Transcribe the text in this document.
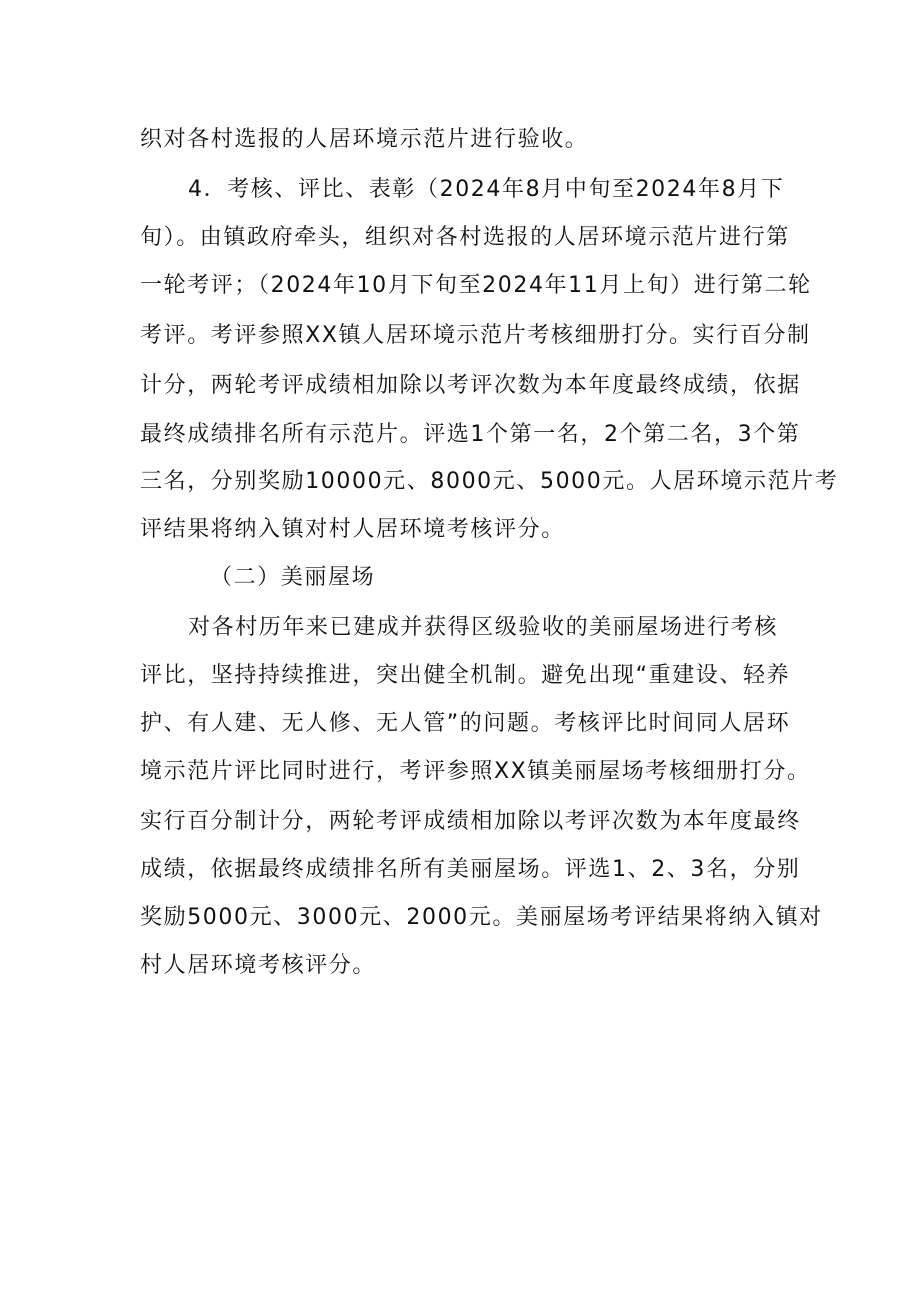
织对各村选报的人居环境示范片进行验收。
4．考核、评比、表彰（2024年8月中旬至2024年8月下
旬）。由镇政府牵头，组织对各村选报的人居环境示范片进行第
一轮考评；（2024年10月下旬至2024年11月上旬）进行第二轮
考评。考评参照XX镇人居环境示范片考核细册打分。实行百分制
计分，两轮考评成绩相加除以考评次数为本年度最终成绩，依据
最终成绩排名所有示范片。评选1个第一名，2个第二名，3个第
三名，分别奖励10000元、8000元、5000元。人居环境示范片考
评结果将纳入镇对村人居环境考核评分。
（二）美丽屋场
对各村历年来已建成并获得区级验收的美丽屋场进行考核
评比，坚持持续推进，突出健全机制。避免出现“重建设、轻养
护、有人建、无人修、无人管”的问题。考核评比时间同人居环
境示范片评比同时进行，考评参照XX镇美丽屋场考核细册打分。
实行百分制计分，两轮考评成绩相加除以考评次数为本年度最终
成绩，依据最终成绩排名所有美丽屋场。评选1、2、3名，分别
奖励5000元、3000元、2000元。美丽屋场考评结果将纳入镇对
村人居环境考核评分。
